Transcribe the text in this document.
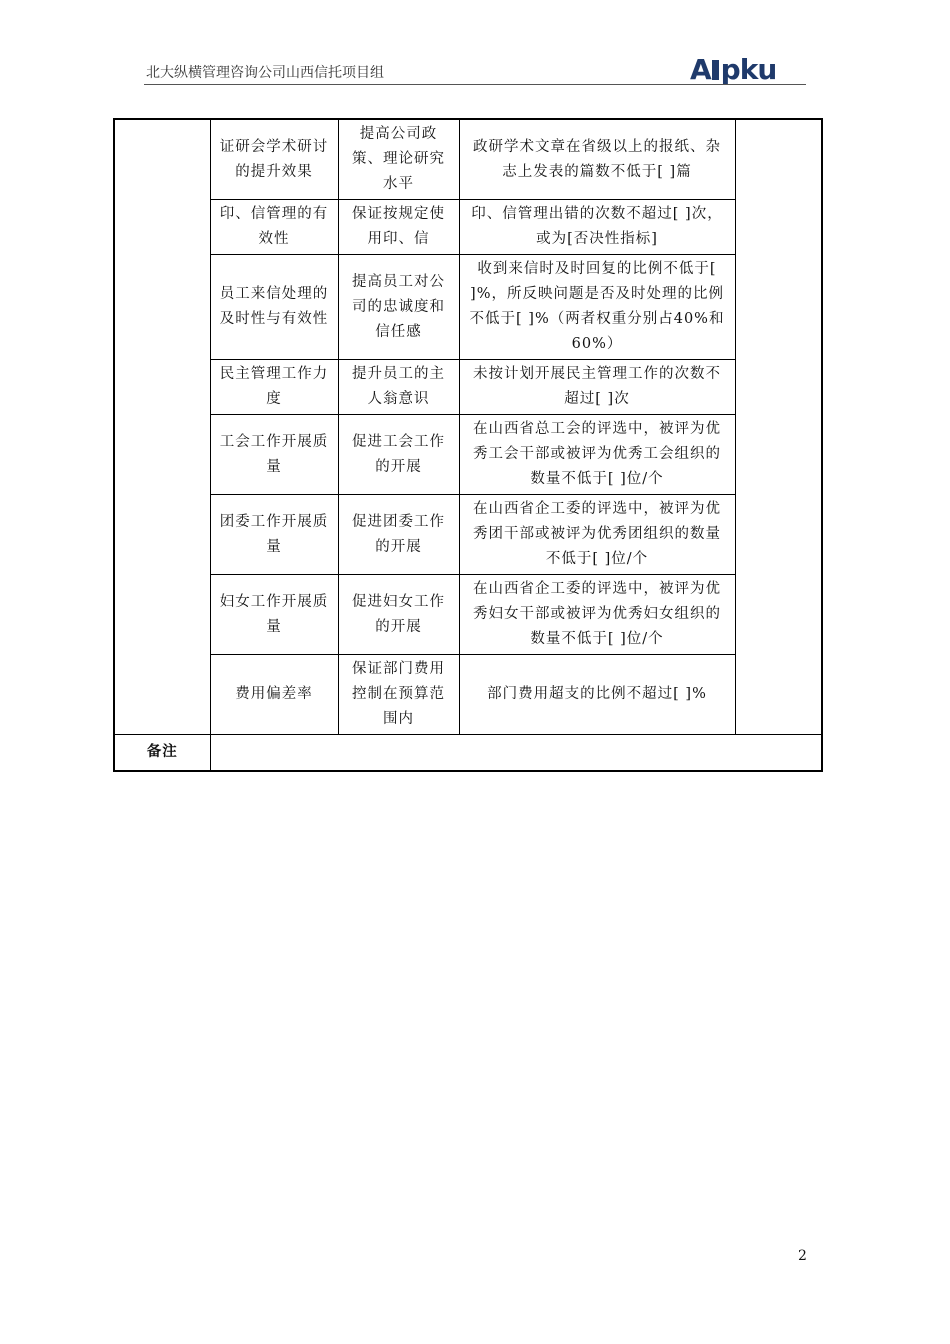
北大纵横管理咨询公司山西信托项目组	A pku
	证研会学术研讨的提升效果	提高公司政策、理论研究水平	政研学术文章在省级以上的报纸、杂志上发表的篇数不低于[ ]篇	
	印、信管理的有效性	保证按规定使用印、信	印、信管理出错的次数不超过[ ]次，或为[否决性指标]	
	员工来信处理的及时性与有效性	提高员工对公司的忠诚度和信任感	收到来信时及时回复的比例不低于[ ]%，所反映问题是否及时处理的比例不低于[ ]%（两者权重分别占40%和60%）	
	民主管理工作力度	提升员工的主人翁意识	未按计划开展民主管理工作的次数不超过[ ]次	
	工会工作开展质量	促进工会工作的开展	在山西省总工会的评选中，被评为优秀工会干部或被评为优秀工会组织的数量不低于[ ]位/个	
	团委工作开展质量	促进团委工作的开展	在山西省企工委的评选中，被评为优秀团干部或被评为优秀团组织的数量不低于[ ]位/个	
	妇女工作开展质量	促进妇女工作的开展	在山西省企工委的评选中，被评为优秀妇女干部或被评为优秀妇女组织的数量不低于[ ]位/个	
	费用偏差率	保证部门费用控制在预算范围内	部门费用超支的比例不超过[ ]%	
备注				
2
